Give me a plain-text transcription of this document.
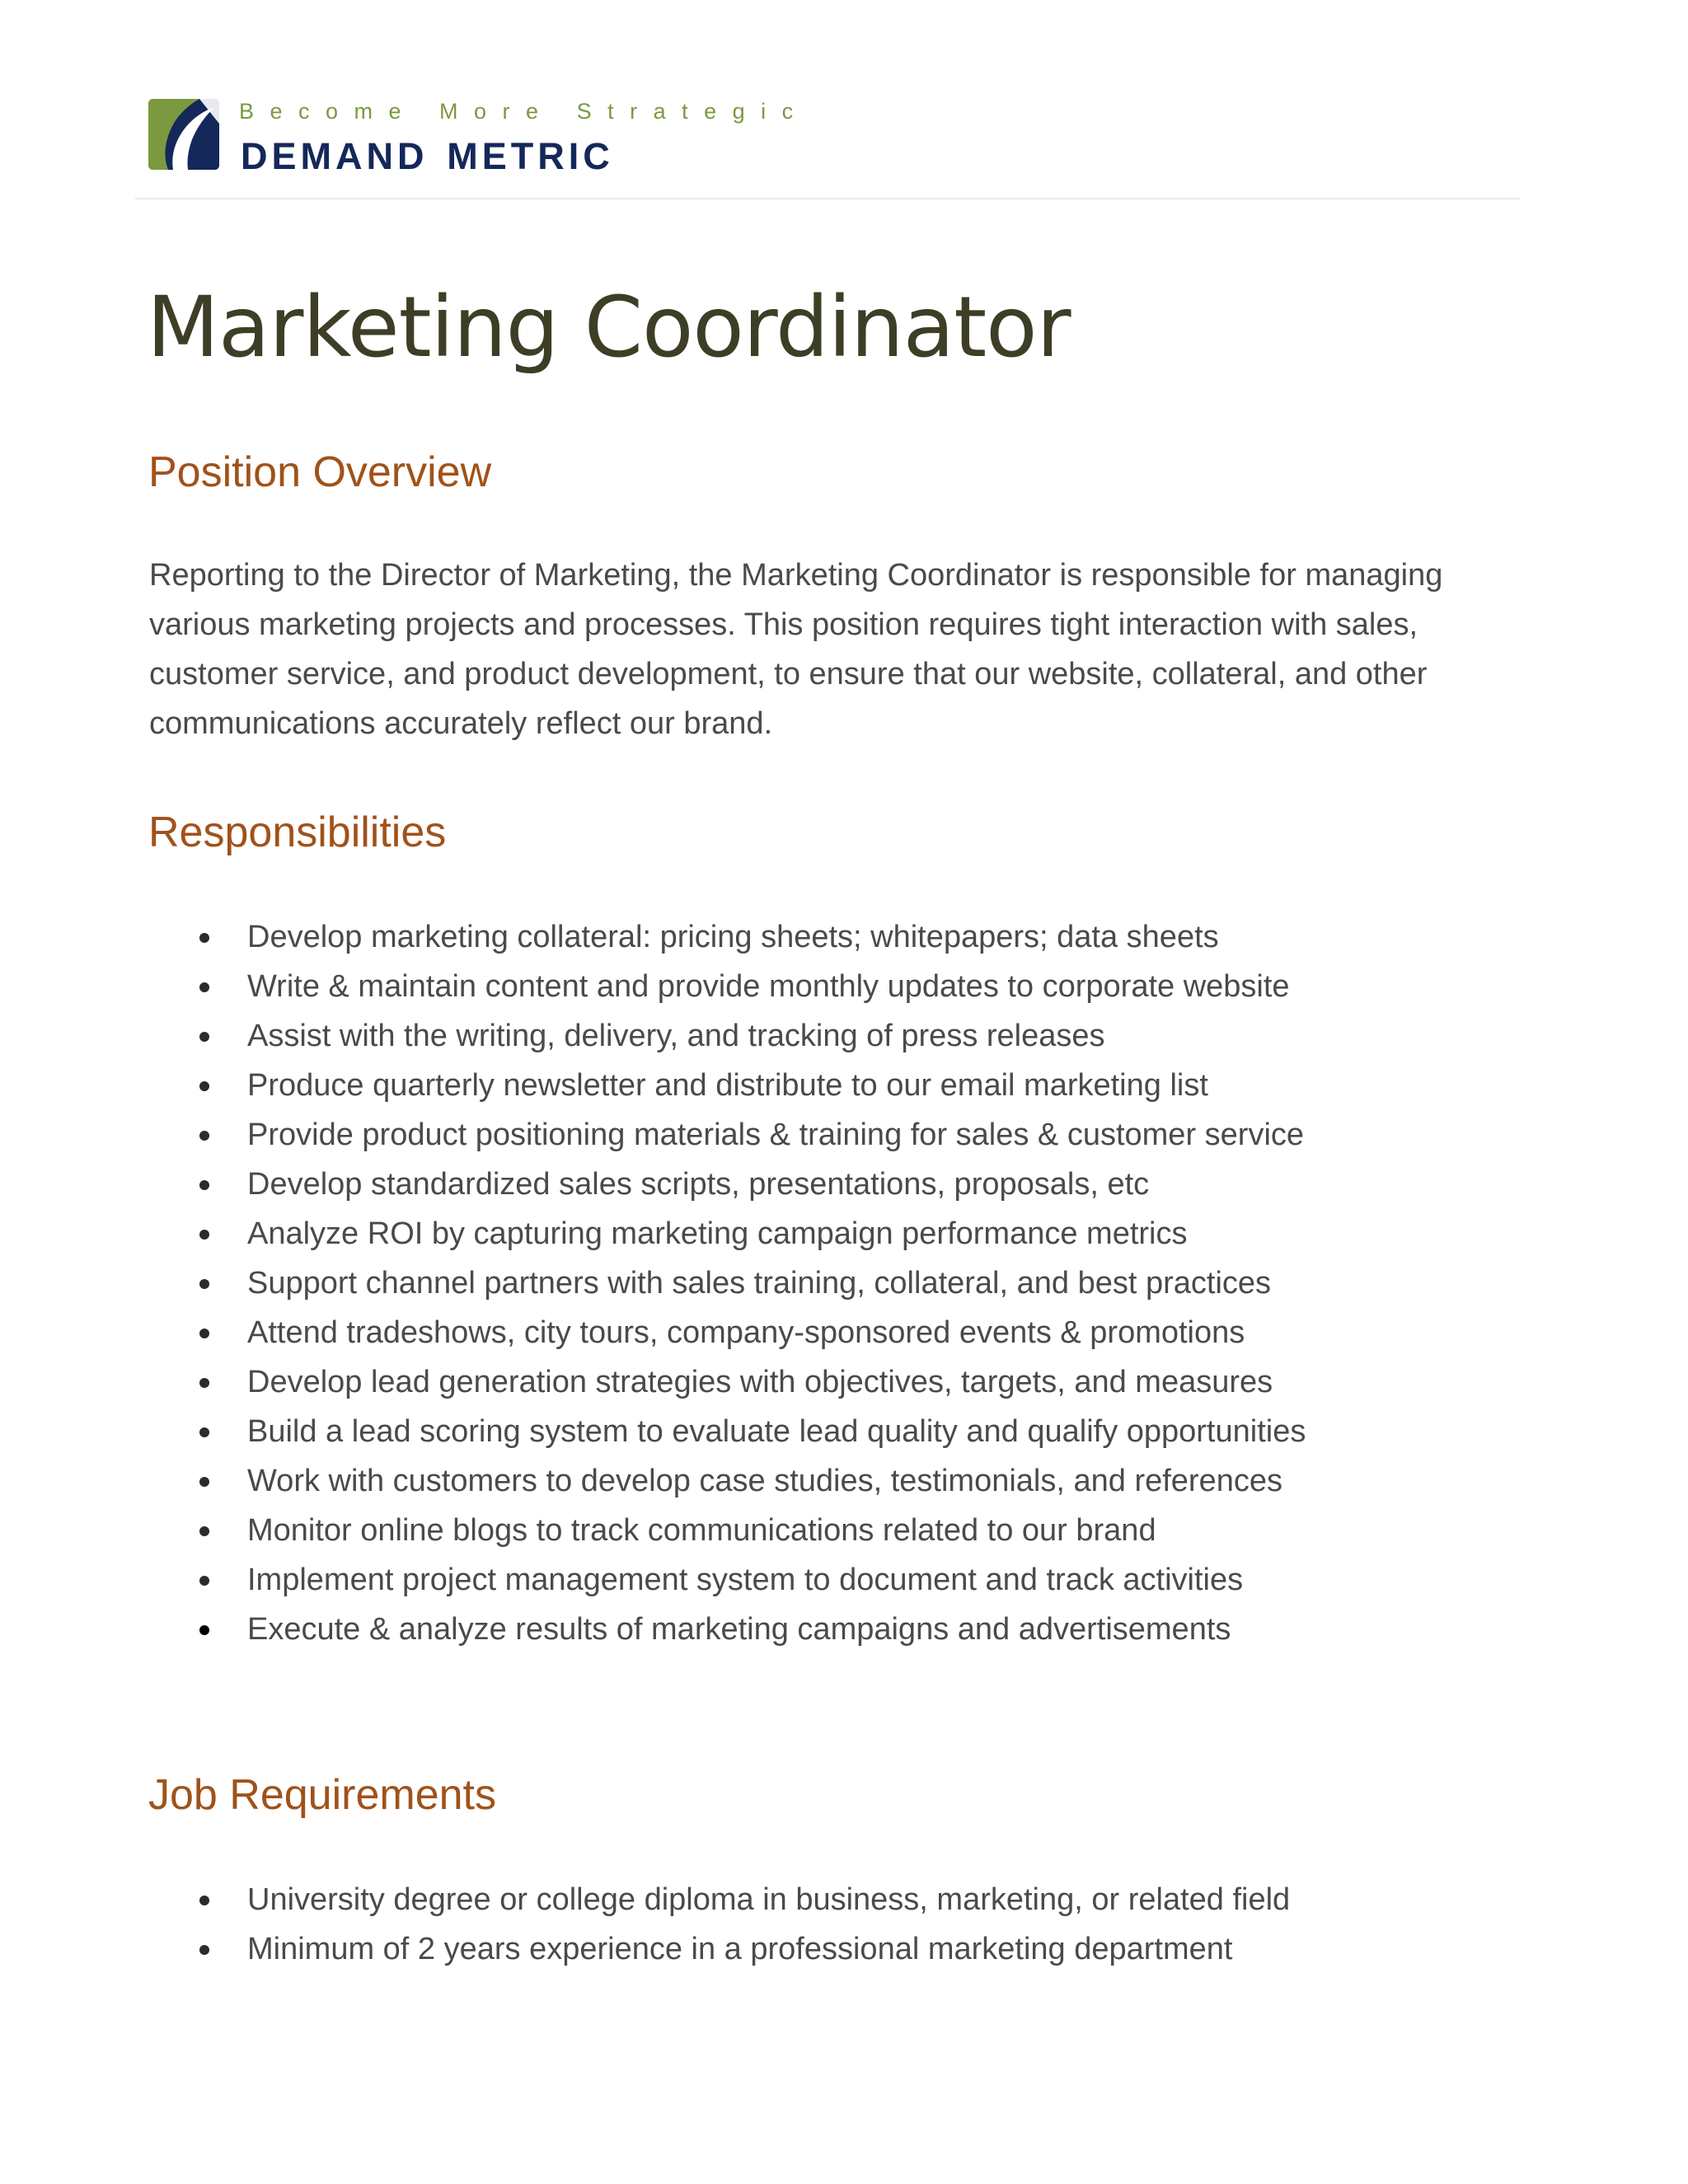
Become More Strategic
demand metric
Marketing Coordinator
Position Overview

Reporting to the Director of Marketing, the Marketing Coordinator is responsible for managing
various marketing projects and processes. This position requires tight interaction with sales,
customer service, and product development, to ensure that our website, collateral, and other
communications accurately reflect our brand.

Responsibilities
Develop marketing collateral: pricing sheets; whitepapers; data sheets
Write & maintain content and provide monthly updates to corporate website
Assist with the writing, delivery, and tracking of press releases
Produce quarterly newsletter and distribute to our email marketing list
Provide product positioning materials & training for sales & customer service
Develop standardized sales scripts, presentations, proposals, etc
Analyze ROI by capturing marketing campaign performance metrics
Support channel partners with sales training, collateral, and best practices
Attend tradeshows, city tours, company-sponsored events & promotions
Develop lead generation strategies with objectives, targets, and measures
Build a lead scoring system to evaluate lead quality and qualify opportunities
Work with customers to develop case studies, testimonials, and references
Monitor online blogs to track communications related to our brand
Implement project management system to document and track activities
Execute & analyze results of marketing campaigns and advertisements
Job Requirements
University degree or college diploma in business, marketing, or related field
Minimum of 2 years experience in a professional marketing department
